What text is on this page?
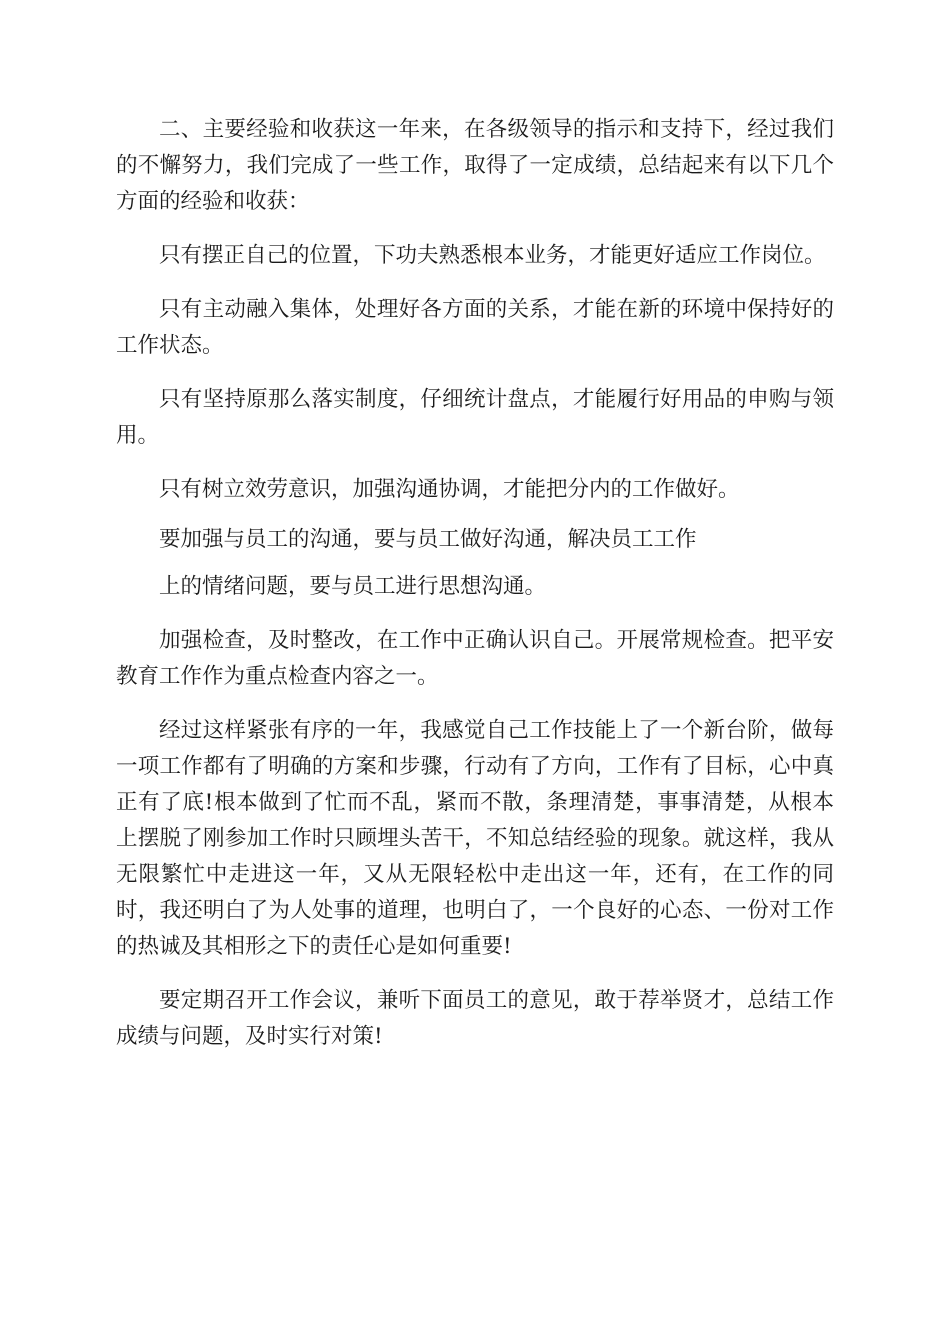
二、主要经验和收获这一年来，在各级领导的指示和支持下，经过我们的不懈努力，我们完成了一些工作，取得了一定成绩，总结起来有以下几个方面的经验和收获：

只有摆正自己的位置，下功夫熟悉根本业务，才能更好适应工作岗位。

只有主动融入集体，处理好各方面的关系，才能在新的环境中保持好的工作状态。

只有坚持原那么落实制度，仔细统计盘点，才能履行好用品的申购与领用。

只有树立效劳意识，加强沟通协调，才能把分内的工作做好。

要加强与员工的沟通，要与员工做好沟通，解决员工工作

上的情绪问题，要与员工进行思想沟通。

加强检查，及时整改，在工作中正确认识自己。开展常规检查。把平安教育工作作为重点检查内容之一。

经过这样紧张有序的一年，我感觉自己工作技能上了一个新台阶，做每一项工作都有了明确的方案和步骤，行动有了方向，工作有了目标，心中真正有了底!根本做到了忙而不乱，紧而不散，条理清楚，事事清楚，从根本上摆脱了刚参加工作时只顾埋头苦干，不知总结经验的现象。就这样，我从无限繁忙中走进这一年，又从无限轻松中走出这一年，还有，在工作的同时，我还明白了为人处事的道理，也明白了，一个良好的心态、一份对工作的热诚及其相形之下的责任心是如何重要!

要定期召开工作会议，兼听下面员工的意见，敢于荐举贤才，总结工作成绩与问题，及时实行对策!
